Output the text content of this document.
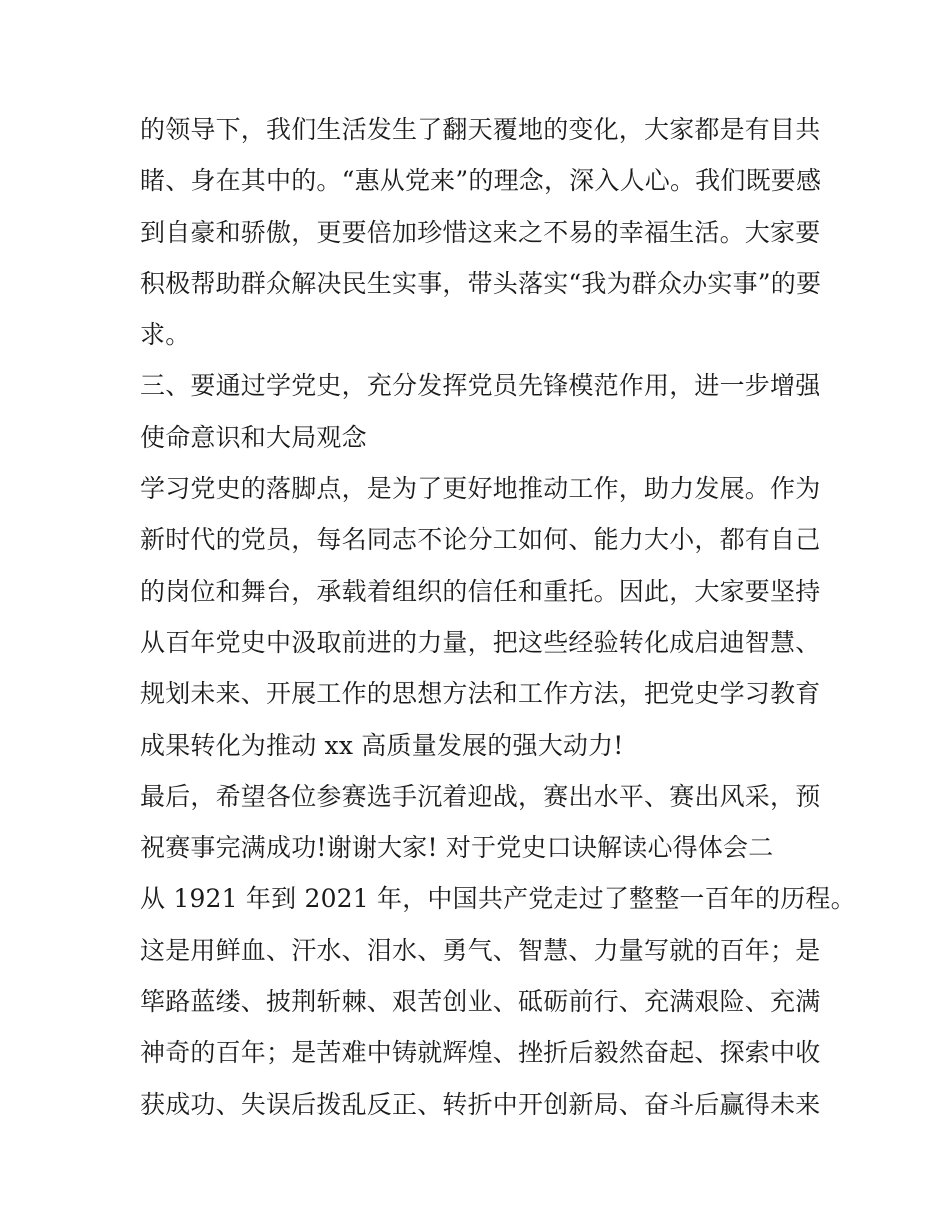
的领导下，我们生活发生了翻天覆地的变化，大家都是有目共
睹、身在其中的。“惠从党来”的理念，深入人心。我们既要感
到自豪和骄傲，更要倍加珍惜这来之不易的幸福生活。大家要
积极帮助群众解决民生实事，带头落实“我为群众办实事”的要
求。
三、要通过学党史，充分发挥党员先锋模范作用，进一步增强
使命意识和大局观念
学习党史的落脚点，是为了更好地推动工作，助力发展。作为
新时代的党员，每名同志不论分工如何、能力大小，都有自己
的岗位和舞台，承载着组织的信任和重托。因此，大家要坚持
从百年党史中汲取前进的力量，把这些经验转化成启迪智慧、
规划未来、开展工作的思想方法和工作方法，把党史学习教育
成果转化为推动 xx 高质量发展的强大动力!
最后，希望各位参赛选手沉着迎战，赛出水平、赛出风采，预
祝赛事完满成功!谢谢大家! 对于党史口诀解读心得体会二
从 1921 年到 2021 年，中国共产党走过了整整一百年的历程。
这是用鲜血、汗水、泪水、勇气、智慧、力量写就的百年；是
筚路蓝缕、披荆斩棘、艰苦创业、砥砺前行、充满艰险、充满
神奇的百年；是苦难中铸就辉煌、挫折后毅然奋起、探索中收
获成功、失误后拨乱反正、转折中开创新局、奋斗后赢得未来
